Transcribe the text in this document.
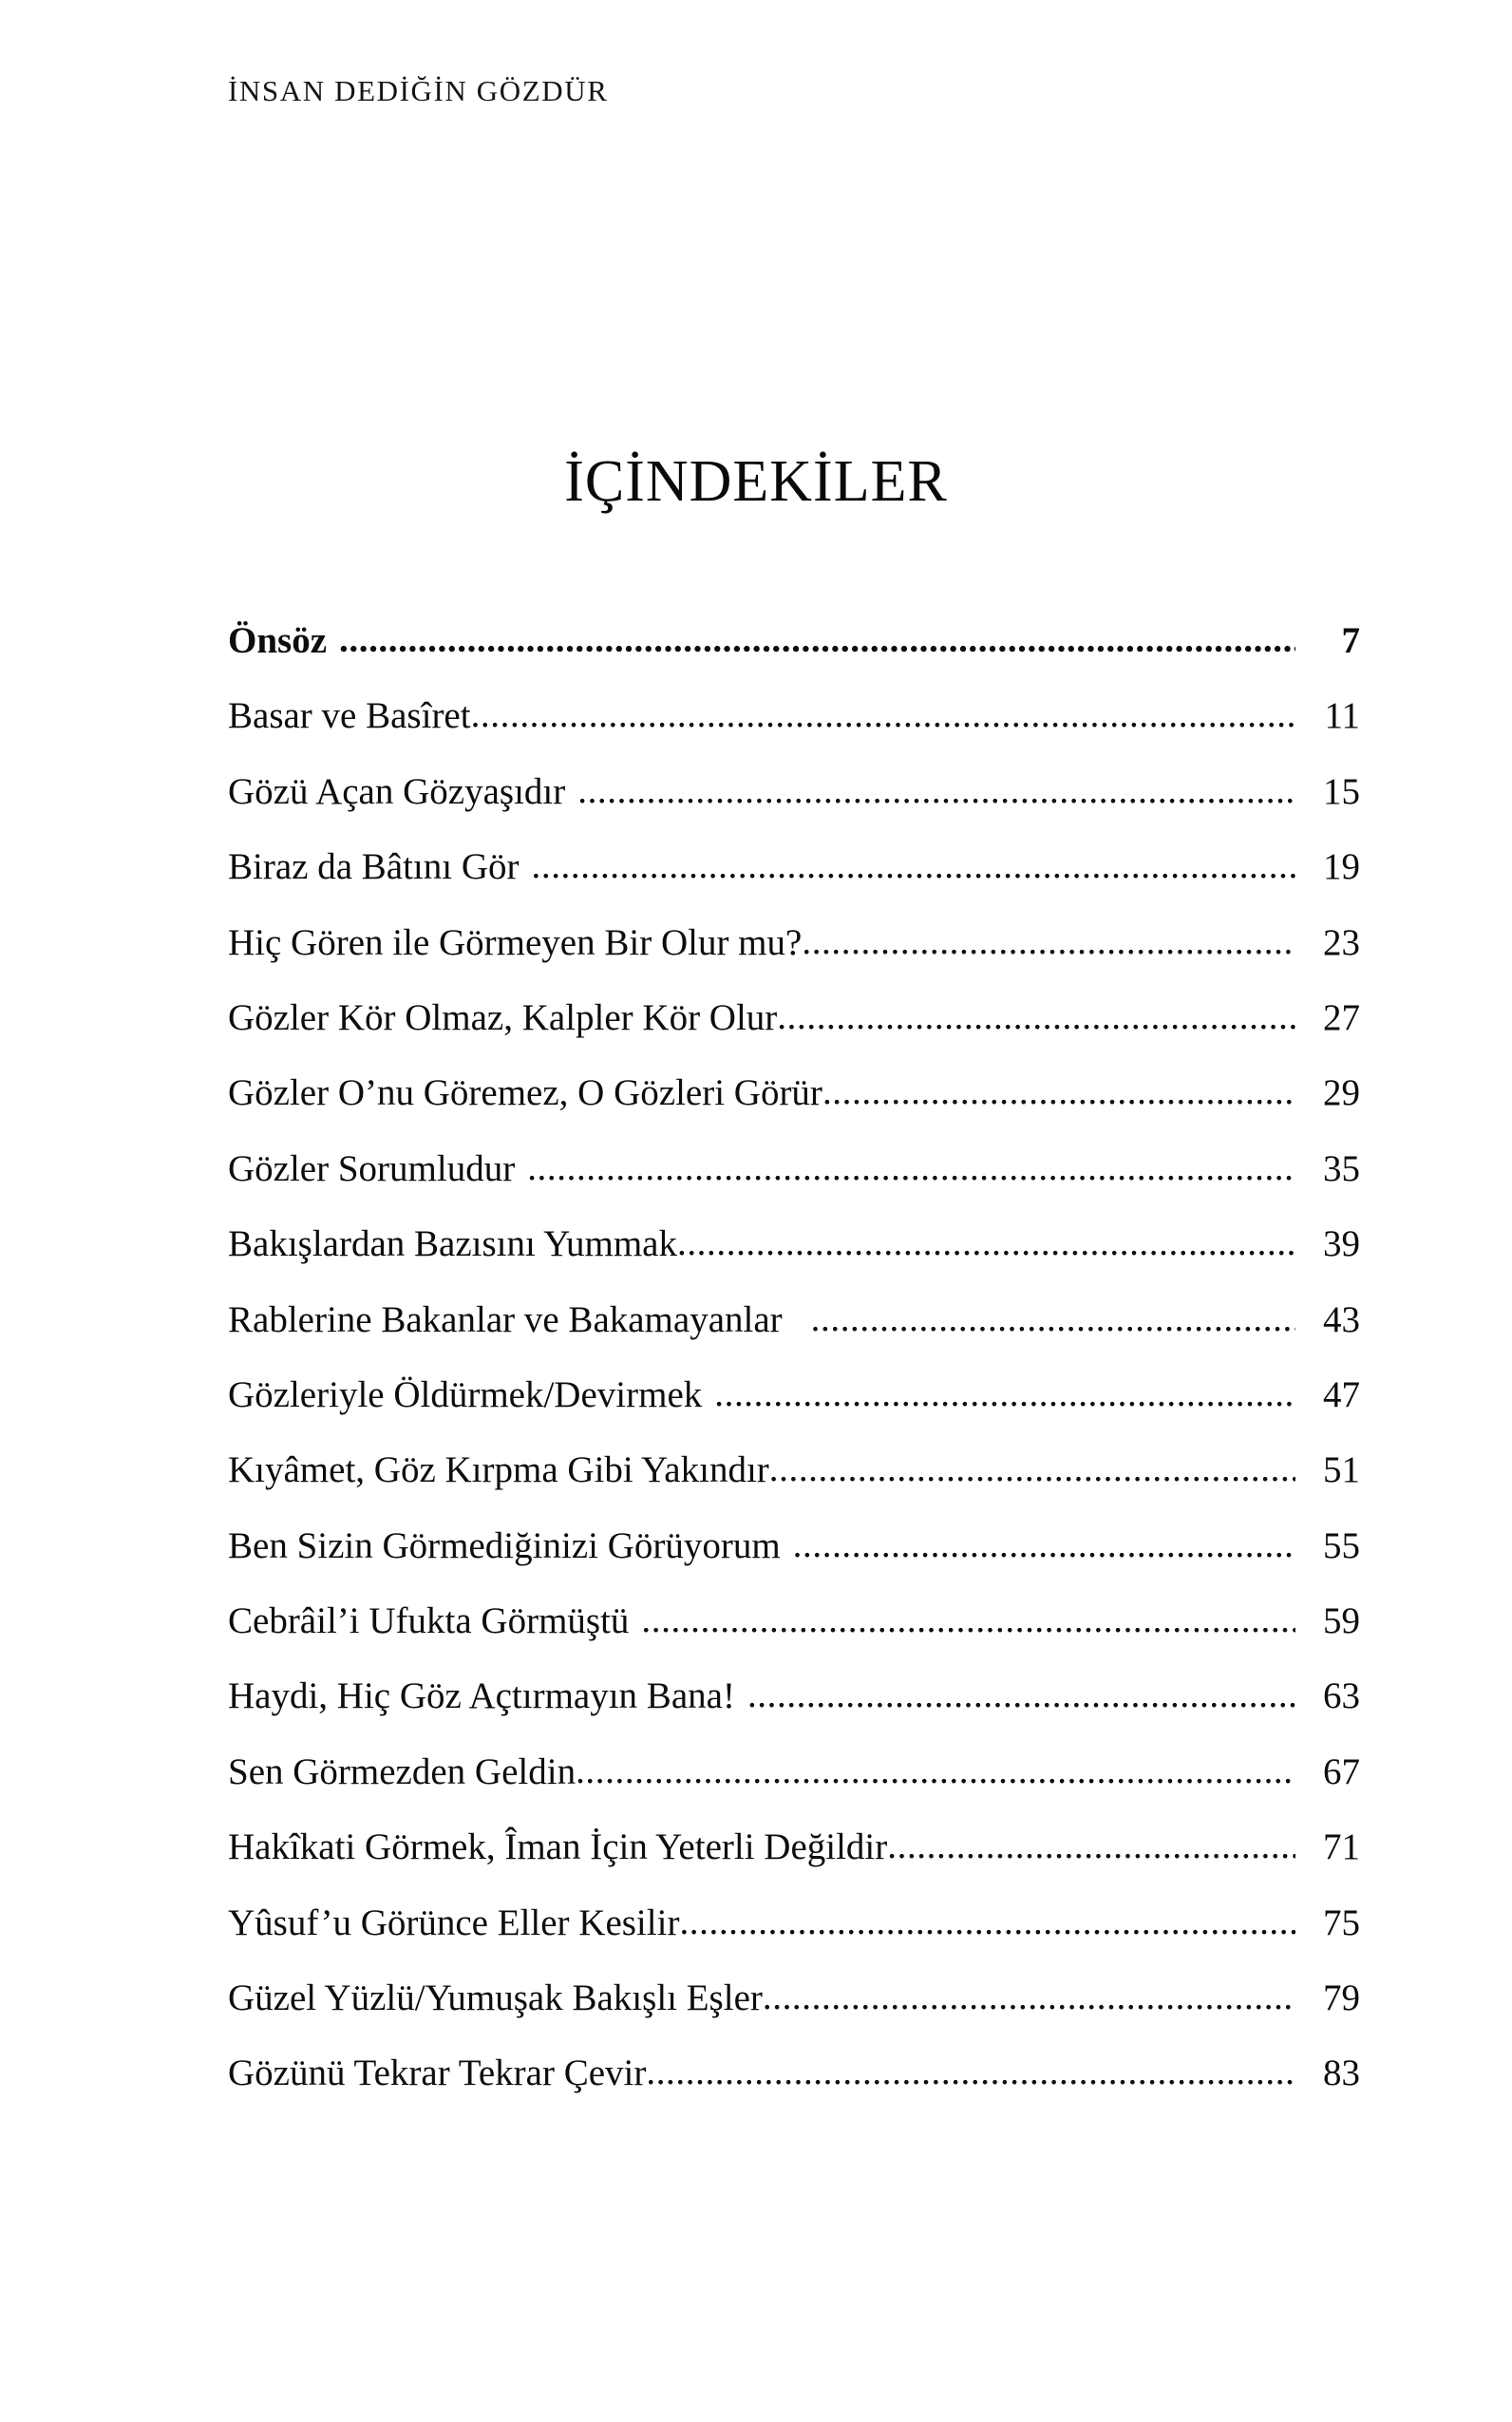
İNSAN DEDİĞİN GÖZDÜR
İÇİNDEKİLER
Önsöz .....	7
Basar ve Basîret .....	11
Gözü Açan Gözyaşıdır .....	15
Biraz da Bâtını Gör .....	19
Hiç Gören ile Görmeyen Bir Olur mu? .....	23
Gözler Kör Olmaz, Kalpler Kör Olur .....	27
Gözler O’nu Göremez, O Gözleri Görür .....	29
Gözler Sorumludur .....	35
Bakışlardan Bazısını Yummak .....	39
Rablerine Bakanlar ve Bakamayanlar .....	43
Gözleriyle Öldürmek/Devirmek .....	47
Kıyâmet, Göz Kırpma Gibi Yakındır .....	51
Ben Sizin Görmediğinizi Görüyorum .....	55
Cebrâil’i Ufukta Görmüştü .....	59
Haydi, Hiç Göz Açtırmayın Bana! .....	63
Sen Görmezden Geldin .....	67
Hakîkati Görmek, Îman İçin Yeterli Değildir .....	71
Yûsuf’u Görünce Eller Kesilir .....	75
Güzel Yüzlü/Yumuşak Bakışlı Eşler .....	79
Gözünü Tekrar Tekrar Çevir .....	83
